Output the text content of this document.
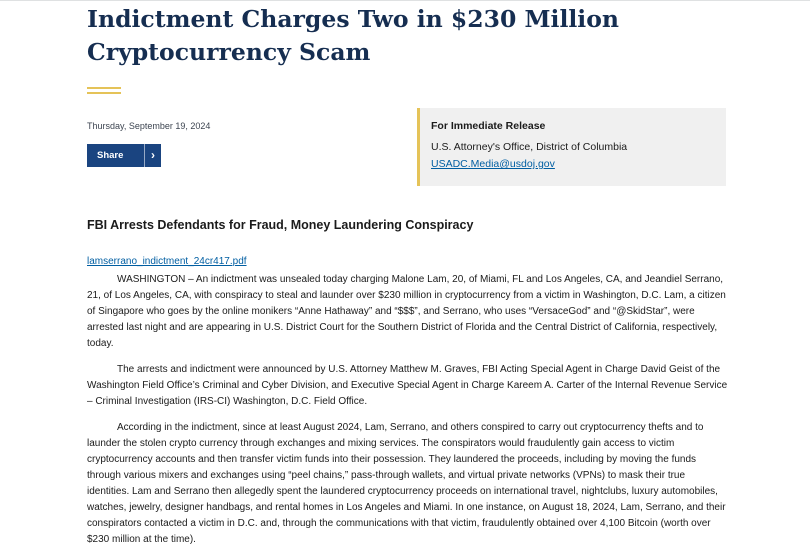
Indictment Charges Two in $230 Million Cryptocurrency Scam
Thursday, September 19, 2024
Share	›
For Immediate Release
U.S. Attorney's Office, District of Columbia
USADC.Media@usdoj.gov
FBI Arrests Defendants for Fraud, Money Laundering Conspiracy
lamserrano_indictment_24cr417.pdf

WASHINGTON – An indictment was unsealed today charging Malone Lam, 20, of Miami, FL and Los Angeles, CA, and Jeandiel Serrano, 21, of Los Angeles, CA, with conspiracy to steal and launder over $230 million in cryptocurrency from a victim in Washington, D.C. Lam, a citizen of Singapore who goes by the online monikers “Anne Hathaway” and “$$$”, and Serrano, who uses “VersaceGod” and “@SkidStar”, were arrested last night and are appearing in U.S. District Court for the Southern District of Florida and the Central District of California, respectively, today.

The arrests and indictment were announced by U.S. Attorney Matthew M. Graves, FBI Acting Special Agent in Charge David Geist of the Washington Field Office’s Criminal and Cyber Division, and Executive Special Agent in Charge Kareem A. Carter of the Internal Revenue Service – Criminal Investigation (IRS-CI) Washington, D.C. Field Office.

According in the indictment, since at least August 2024, Lam, Serrano, and others conspired to carry out cryptocurrency thefts and to launder the stolen crypto currency through exchanges and mixing services. The conspirators would fraudulently gain access to victim cryptocurrency accounts and then transfer victim funds into their possession. They laundered the proceeds, including by moving the funds through various mixers and exchanges using “peel chains,” pass-through wallets, and virtual private networks (VPNs) to mask their true identities. Lam and Serrano then allegedly spent the laundered cryptocurrency proceeds on international travel, nightclubs, luxury automobiles, watches, jewelry, designer handbags, and rental homes in Los Angeles and Miami. In one instance, on August 18, 2024, Lam, Serrano, and their conspirators contacted a victim in D.C. and, through the communications with that victim, fraudulently obtained over 4,100 Bitcoin (worth over $230 million at the time).
